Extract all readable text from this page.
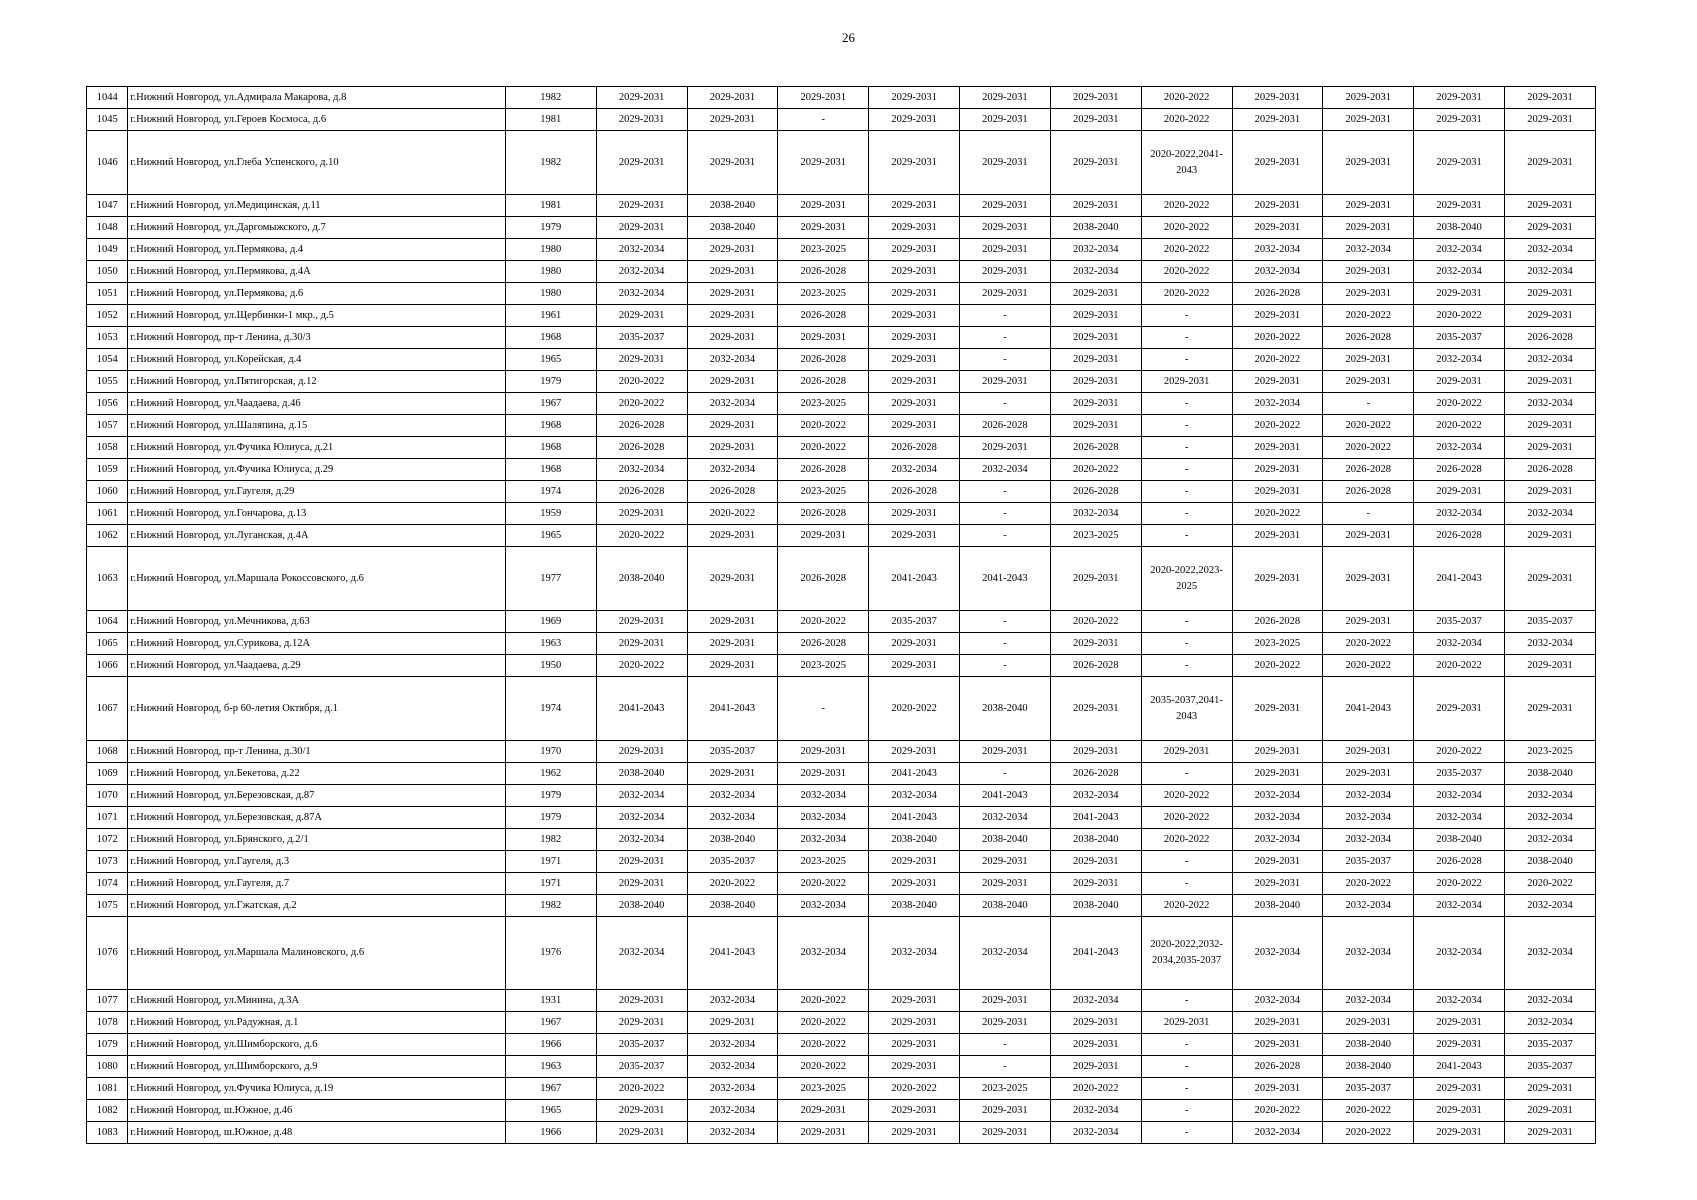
26
1044	г.Нижний Новгород, ул.Адмирала Макарова, д.8	1982	2029-2031	2029-2031	2029-2031	2029-2031	2029-2031	2029-2031	2020-2022	2029-2031	2029-2031	2029-2031	2029-2031
1045	г.Нижний Новгород, ул.Героев Космоса, д.6	1981	2029-2031	2029-2031	-	2029-2031	2029-2031	2029-2031	2020-2022	2029-2031	2029-2031	2029-2031	2029-2031
1046	г.Нижний Новгород, ул.Глеба Успенского, д.10	1982	2029-2031	2029-2031	2029-2031	2029-2031	2029-2031	2029-2031	2020-2022,2041-2043	2029-2031	2029-2031	2029-2031	2029-2031
1047	г.Нижний Новгород, ул.Медицинская, д.11	1981	2029-2031	2038-2040	2029-2031	2029-2031	2029-2031	2029-2031	2020-2022	2029-2031	2029-2031	2029-2031	2029-2031
1048	г.Нижний Новгород, ул.Даргомыжского, д.7	1979	2029-2031	2038-2040	2029-2031	2029-2031	2029-2031	2038-2040	2020-2022	2029-2031	2029-2031	2038-2040	2029-2031
1049	г.Нижний Новгород, ул.Пермякова, д.4	1980	2032-2034	2029-2031	2023-2025	2029-2031	2029-2031	2032-2034	2020-2022	2032-2034	2032-2034	2032-2034	2032-2034
1050	г.Нижний Новгород, ул.Пермякова, д.4А	1980	2032-2034	2029-2031	2026-2028	2029-2031	2029-2031	2032-2034	2020-2022	2032-2034	2029-2031	2032-2034	2032-2034
1051	г.Нижний Новгород, ул.Пермякова, д.6	1980	2032-2034	2029-2031	2023-2025	2029-2031	2029-2031	2029-2031	2020-2022	2026-2028	2029-2031	2029-2031	2029-2031
1052	г.Нижний Новгород, ул.Щербинки-1 мкр., д.5	1961	2029-2031	2029-2031	2026-2028	2029-2031	-	2029-2031	-	2029-2031	2020-2022	2020-2022	2029-2031
1053	г.Нижний Новгород, пр-т Ленина, д.30/3	1968	2035-2037	2029-2031	2029-2031	2029-2031	-	2029-2031	-	2020-2022	2026-2028	2035-2037	2026-2028
1054	г.Нижний Новгород, ул.Корейская, д.4	1965	2029-2031	2032-2034	2026-2028	2029-2031	-	2029-2031	-	2020-2022	2029-2031	2032-2034	2032-2034
1055	г.Нижний Новгород, ул.Пятигорская, д.12	1979	2020-2022	2029-2031	2026-2028	2029-2031	2029-2031	2029-2031	2029-2031	2029-2031	2029-2031	2029-2031	2029-2031
1056	г.Нижний Новгород, ул.Чаадаева, д.46	1967	2020-2022	2032-2034	2023-2025	2029-2031	-	2029-2031	-	2032-2034	-	2020-2022	2032-2034
1057	г.Нижний Новгород, ул.Шаляпина, д.15	1968	2026-2028	2029-2031	2020-2022	2029-2031	2026-2028	2029-2031	-	2020-2022	2020-2022	2020-2022	2029-2031
1058	г.Нижний Новгород, ул.Фучика Юлиуса, д.21	1968	2026-2028	2029-2031	2020-2022	2026-2028	2029-2031	2026-2028	-	2029-2031	2020-2022	2032-2034	2029-2031
1059	г.Нижний Новгород, ул.Фучика Юлиуса, д.29	1968	2032-2034	2032-2034	2026-2028	2032-2034	2032-2034	2020-2022	-	2029-2031	2026-2028	2026-2028	2026-2028
1060	г.Нижний Новгород, ул.Гаугеля, д.29	1974	2026-2028	2026-2028	2023-2025	2026-2028	-	2026-2028	-	2029-2031	2026-2028	2029-2031	2029-2031
1061	г.Нижний Новгород, ул.Гончарова, д.13	1959	2029-2031	2020-2022	2026-2028	2029-2031	-	2032-2034	-	2020-2022	-	2032-2034	2032-2034
1062	г.Нижний Новгород, ул.Луганская, д.4А	1965	2020-2022	2029-2031	2029-2031	2029-2031	-	2023-2025	-	2029-2031	2029-2031	2026-2028	2029-2031
1063	г.Нижний Новгород, ул.Маршала Рокоссовского, д.6	1977	2038-2040	2029-2031	2026-2028	2041-2043	2041-2043	2029-2031	2020-2022,2023-2025	2029-2031	2029-2031	2041-2043	2029-2031
1064	г.Нижний Новгород, ул.Мечникова, д.63	1969	2029-2031	2029-2031	2020-2022	2035-2037	-	2020-2022	-	2026-2028	2029-2031	2035-2037	2035-2037
1065	г.Нижний Новгород, ул.Сурикова, д.12А	1963	2029-2031	2029-2031	2026-2028	2029-2031	-	2029-2031	-	2023-2025	2020-2022	2032-2034	2032-2034
1066	г.Нижний Новгород, ул.Чаадаева, д.29	1950	2020-2022	2029-2031	2023-2025	2029-2031	-	2026-2028	-	2020-2022	2020-2022	2020-2022	2029-2031
1067	г.Нижний Новгород, б-р 60-летия Октября, д.1	1974	2041-2043	2041-2043	-	2020-2022	2038-2040	2029-2031	2035-2037,2041-2043	2029-2031	2041-2043	2029-2031	2029-2031
1068	г.Нижний Новгород, пр-т Ленина, д.30/1	1970	2029-2031	2035-2037	2029-2031	2029-2031	2029-2031	2029-2031	2029-2031	2029-2031	2029-2031	2020-2022	2023-2025
1069	г.Нижний Новгород, ул.Бекетова, д.22	1962	2038-2040	2029-2031	2029-2031	2041-2043	-	2026-2028	-	2029-2031	2029-2031	2035-2037	2038-2040
1070	г.Нижний Новгород, ул.Березовская, д.87	1979	2032-2034	2032-2034	2032-2034	2032-2034	2041-2043	2032-2034	2020-2022	2032-2034	2032-2034	2032-2034	2032-2034
1071	г.Нижний Новгород, ул.Березовская, д.87А	1979	2032-2034	2032-2034	2032-2034	2041-2043	2032-2034	2041-2043	2020-2022	2032-2034	2032-2034	2032-2034	2032-2034
1072	г.Нижний Новгород, ул.Брянского, д.2/1	1982	2032-2034	2038-2040	2032-2034	2038-2040	2038-2040	2038-2040	2020-2022	2032-2034	2032-2034	2038-2040	2032-2034
1073	г.Нижний Новгород, ул.Гаугеля, д.3	1971	2029-2031	2035-2037	2023-2025	2029-2031	2029-2031	2029-2031	-	2029-2031	2035-2037	2026-2028	2038-2040
1074	г.Нижний Новгород, ул.Гаугеля, д.7	1971	2029-2031	2020-2022	2020-2022	2029-2031	2029-2031	2029-2031	-	2029-2031	2020-2022	2020-2022	2020-2022
1075	г.Нижний Новгород, ул.Гжатская, д.2	1982	2038-2040	2038-2040	2032-2034	2038-2040	2038-2040	2038-2040	2020-2022	2038-2040	2032-2034	2032-2034	2032-2034
1076	г.Нижний Новгород, ул.Маршала Малиновского, д.6	1976	2032-2034	2041-2043	2032-2034	2032-2034	2032-2034	2041-2043	2020-2022,2032-2034,2035-2037	2032-2034	2032-2034	2032-2034	2032-2034
1077	г.Нижний Новгород, ул.Минина, д.3А	1931	2029-2031	2032-2034	2020-2022	2029-2031	2029-2031	2032-2034	-	2032-2034	2032-2034	2032-2034	2032-2034
1078	г.Нижний Новгород, ул.Радужная, д.1	1967	2029-2031	2029-2031	2020-2022	2029-2031	2029-2031	2029-2031	2029-2031	2029-2031	2029-2031	2029-2031	2032-2034
1079	г.Нижний Новгород, ул.Шимборского, д.6	1966	2035-2037	2032-2034	2020-2022	2029-2031	-	2029-2031	-	2029-2031	2038-2040	2029-2031	2035-2037
1080	г.Нижний Новгород, ул.Шимборского, д.9	1963	2035-2037	2032-2034	2020-2022	2029-2031	-	2029-2031	-	2026-2028	2038-2040	2041-2043	2035-2037
1081	г.Нижний Новгород, ул.Фучика Юлиуса, д.19	1967	2020-2022	2032-2034	2023-2025	2020-2022	2023-2025	2020-2022	-	2029-2031	2035-2037	2029-2031	2029-2031
1082	г.Нижний Новгород, ш.Южное, д.46	1965	2029-2031	2032-2034	2029-2031	2029-2031	2029-2031	2032-2034	-	2020-2022	2020-2022	2029-2031	2029-2031
1083	г.Нижний Новгород, ш.Южное, д.48	1966	2029-2031	2032-2034	2029-2031	2029-2031	2029-2031	2032-2034	-	2032-2034	2020-2022	2029-2031	2029-2031
